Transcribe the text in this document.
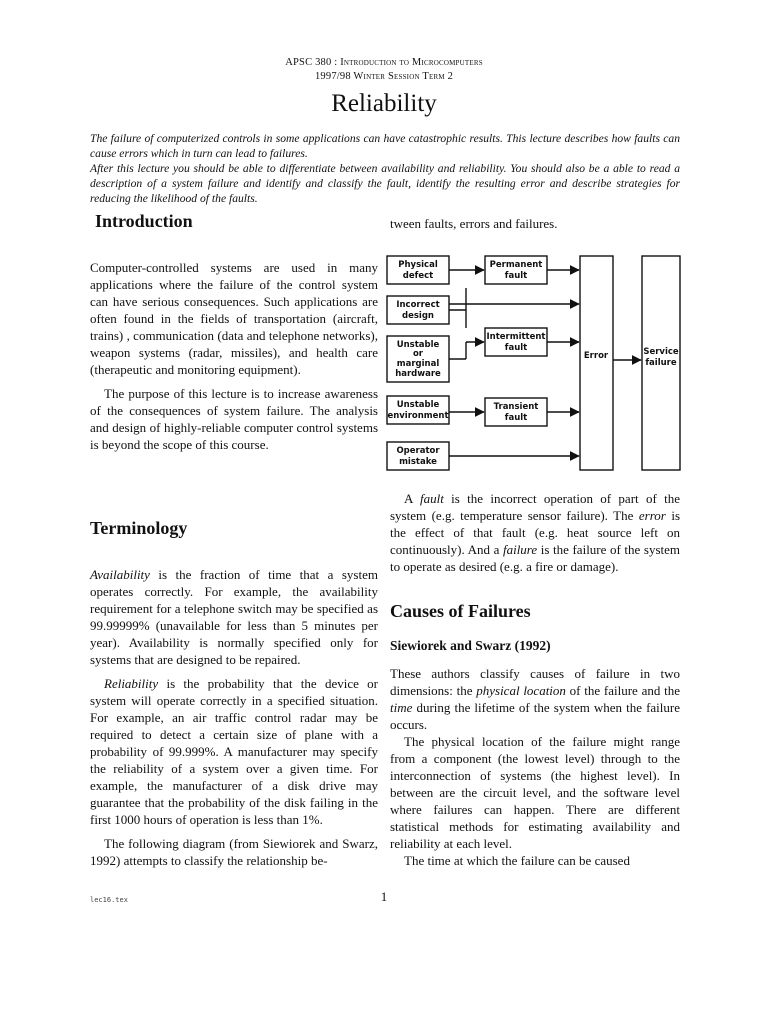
APSC 380 : Introduction to Microcomputers
1997/98 Winter Session Term 2
Reliability

The failure of computerized controls in some applications can have catastrophic results. This lecture describes how faults can cause errors which in turn can lead to failures.

After this lecture you should be able to differentiate between availability and reliability. You should also be a able to read a description of a system failure and identify and classify the fault, identify the resulting error and describe strategies for reducing the likelihood of the faults.

Introduction

Computer-controlled systems are used in many applications where the failure of the control system can have serious consequences. Such applications are often found in the fields of transportation (aircraft, trains) , communication (data and telephone networks), weapon systems (radar, missiles), and health care (therapeutic and monitoring equipment).

The purpose of this lecture is to increase awareness of the consequences of system failure. The analysis and design of highly-reliable computer control systems is beyond the scope of this course.

Terminology

Availability is the fraction of time that a system operates correctly. For example, the availability requirement for a telephone switch may be specified as 99.99999% (unavailable for less than 5 minutes per year). Availability is normally specified only for systems that are designed to be repaired.

Reliability is the probability that the device or system will operate correctly in a specified situation. For example, an air traffic control radar may be required to detect a certain size of plane with a probability of 99.999%. A manufacturer may specify the reliability of a system over a given time. For example, the manufacturer of a disk drive may guarantee that the probability of the disk failing in the first 1000 hours of operation is less than 1%.

The following diagram (from Siewiorek and Swarz, 1992) attempts to classify the relationship be-

tween faults, errors and failures.
Physical
defect
Incorrect
design
Unstable
or
marginal
hardware
Unstable
environment
Operator
mistake
Permanent
fault
Intermittent
fault
Transient
fault
Error	Service
failure

A fault is the incorrect operation of part of the system (e.g. temperature sensor failure). The error is the effect of that fault (e.g. heat source left on continuously). And a failure is the failure of the system to operate as desired (e.g. a fire or damage).

Causes of Failures
Siewiorek and Swarz (1992)

These authors classify causes of failure in two dimensions: the physical location of the failure and the time during the lifetime of the system when the failure occurs.

The physical location of the failure might range from a component (the lowest level) through to the interconnection of systems (the highest level). In between are the circuit level, and the software level where failures can happen. There are different statistical methods for estimating availability and reliability at each level.

The time at which the failure can be caused

lec16.tex	1
